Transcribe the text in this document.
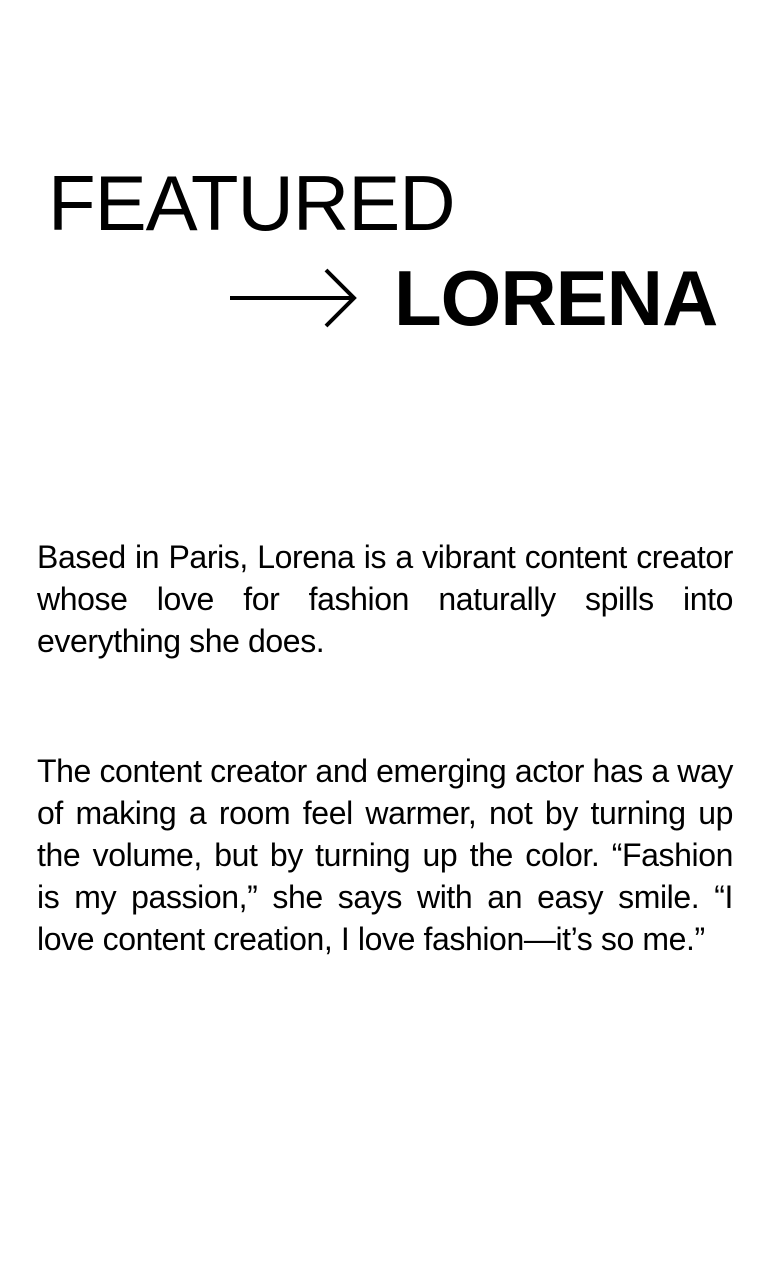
FEATURED
LORENA

Based in Paris, Lorena is a vibrant content creator whose love for fashion naturally spills into everything she does.

The content creator and emerging actor has a way of making a room feel warmer, not by turning up the volume, but by turning up the color. “Fashion is my passion,” she says with an easy smile. “I love content creation, I love fashion—it’s so me.”
